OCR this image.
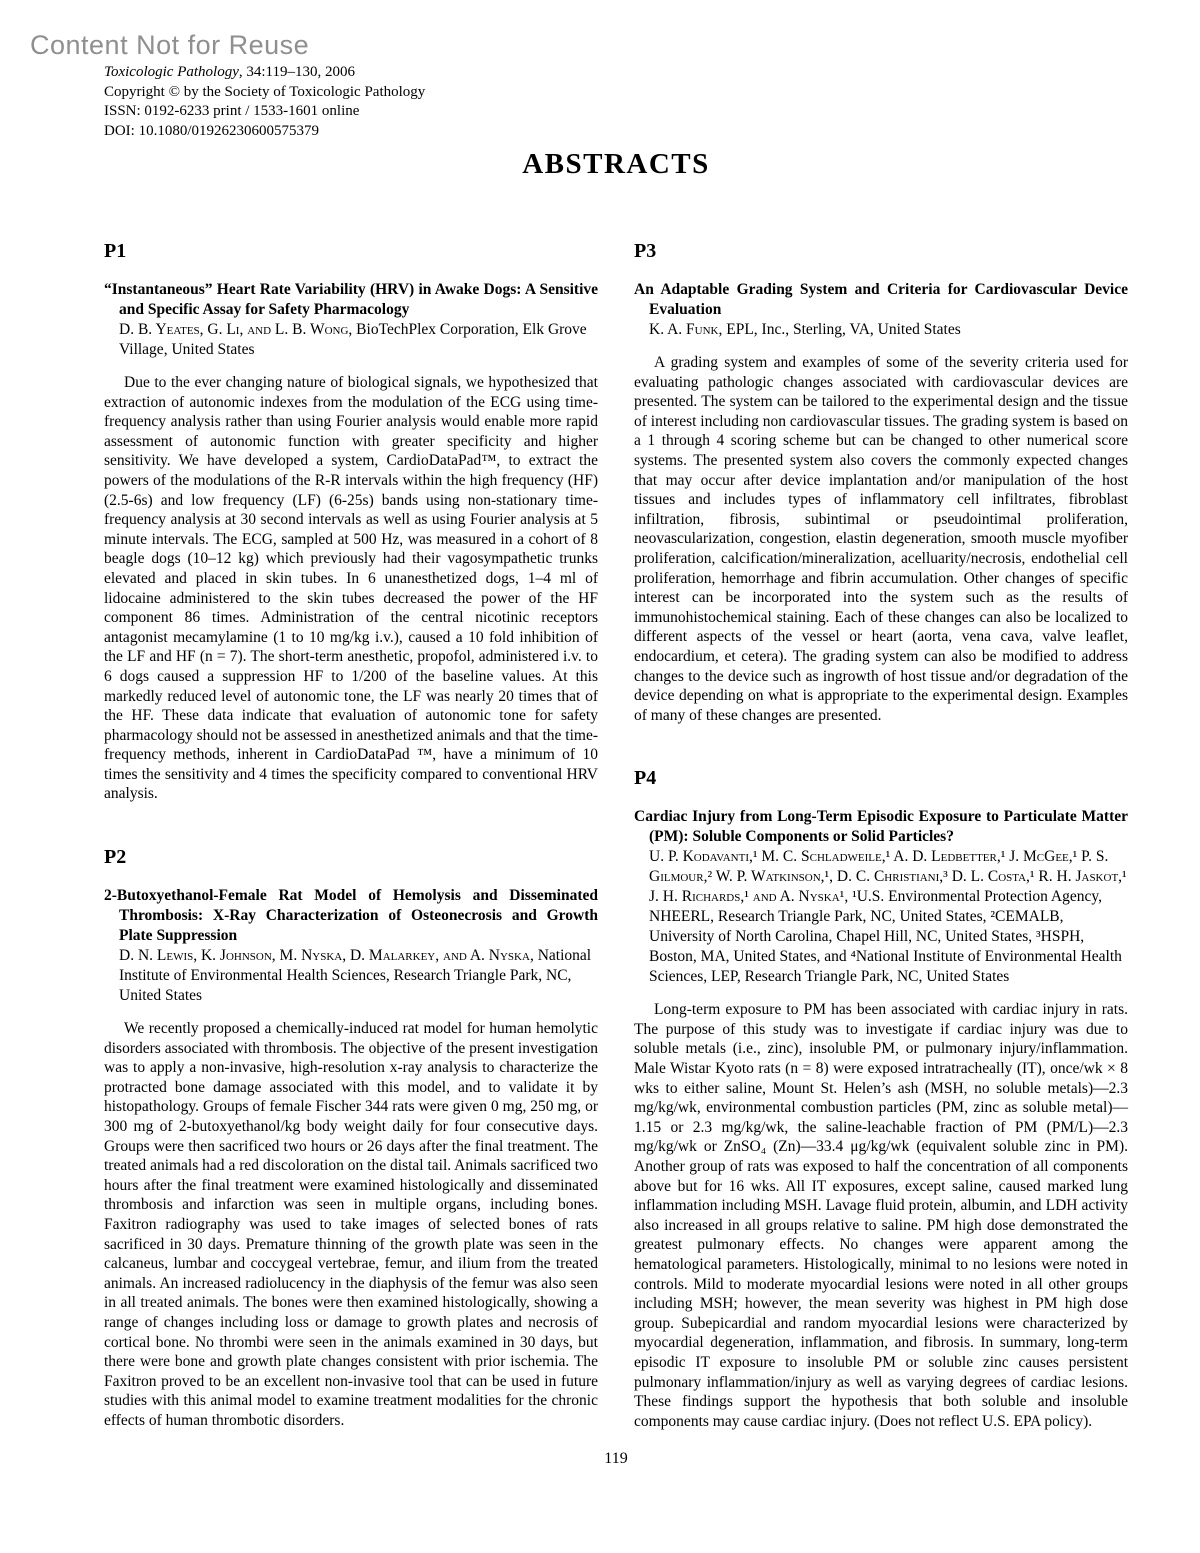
Content Not for Reuse
Toxicologic Pathology, 34:119–130, 2006
Copyright © by the Society of Toxicologic Pathology
ISSN: 0192-6233 print / 1533-1601 online
DOI: 10.1080/01926230600575379
ABSTRACTS
P1

“Instantaneous” Heart Rate Variability (HRV) in Awake Dogs: A Sensitive and Specific Assay for Safety Pharmacology

D. B. Yeates, G. Li, and L. B. Wong, BioTechPlex Corporation, Elk Grove Village, United States

Due to the ever changing nature of biological signals, we hypothesized that extraction of autonomic indexes from the modulation of the ECG using time-frequency analysis rather than using Fourier analysis would enable more rapid assessment of autonomic function with greater specificity and higher sensitivity. We have developed a system, CardioDataPad™, to extract the powers of the modulations of the R-R intervals within the high frequency (HF) (2.5-6s) and low frequency (LF) (6-25s) bands using non-stationary time-frequency analysis at 30 second intervals as well as using Fourier analysis at 5 minute intervals. The ECG, sampled at 500 Hz, was measured in a cohort of 8 beagle dogs (10–12 kg) which previously had their vagosympathetic trunks elevated and placed in skin tubes. In 6 unanesthetized dogs, 1–4 ml of lidocaine administered to the skin tubes decreased the power of the HF component 86 times. Administration of the central nicotinic receptors antagonist mecamylamine (1 to 10 mg/kg i.v.), caused a 10 fold inhibition of the LF and HF (n = 7). The short-term anesthetic, propofol, administered i.v. to 6 dogs caused a suppression HF to 1/200 of the baseline values. At this markedly reduced level of autonomic tone, the LF was nearly 20 times that of the HF. These data indicate that evaluation of autonomic tone for safety pharmacology should not be assessed in anesthetized animals and that the time-frequency methods, inherent in CardioDataPad ™, have a minimum of 10 times the sensitivity and 4 times the specificity compared to conventional HRV analysis.

P2

2-Butoxyethanol-Female Rat Model of Hemolysis and Disseminated Thrombosis: X-Ray Characterization of Osteonecrosis and Growth Plate Suppression

D. N. Lewis, K. Johnson, M. Nyska, D. Malarkey, and A. Nyska, National Institute of Environmental Health Sciences, Research Triangle Park, NC, United States

We recently proposed a chemically-induced rat model for human hemolytic disorders associated with thrombosis. The objective of the present investigation was to apply a non-invasive, high-resolution x-ray analysis to characterize the protracted bone damage associated with this model, and to validate it by histopathology. Groups of female Fischer 344 rats were given 0 mg, 250 mg, or 300 mg of 2-butoxyethanol/kg body weight daily for four consecutive days. Groups were then sacrificed two hours or 26 days after the final treatment. The treated animals had a red discoloration on the distal tail. Animals sacrificed two hours after the final treatment were examined histologically and disseminated thrombosis and infarction was seen in multiple organs, including bones. Faxitron radiography was used to take images of selected bones of rats sacrificed in 30 days. Premature thinning of the growth plate was seen in the calcaneus, lumbar and coccygeal vertebrae, femur, and ilium from the treated animals. An increased radiolucency in the diaphysis of the femur was also seen in all treated animals. The bones were then examined histologically, showing a range of changes including loss or damage to growth plates and necrosis of cortical bone. No thrombi were seen in the animals examined in 30 days, but there were bone and growth plate changes consistent with prior ischemia. The Faxitron proved to be an excellent non-invasive tool that can be used in future studies with this animal model to examine treatment modalities for the chronic effects of human thrombotic disorders.

P3

An Adaptable Grading System and Criteria for Cardiovascular Device Evaluation

K. A. Funk, EPL, Inc., Sterling, VA, United States

A grading system and examples of some of the severity criteria used for evaluating pathologic changes associated with cardiovascular devices are presented. The system can be tailored to the experimental design and the tissue of interest including non cardiovascular tissues. The grading system is based on a 1 through 4 scoring scheme but can be changed to other numerical score systems. The presented system also covers the commonly expected changes that may occur after device implantation and/or manipulation of the host tissues and includes types of inflammatory cell infiltrates, fibroblast infiltration, fibrosis, subintimal or pseudointimal proliferation, neovascularization, congestion, elastin degeneration, smooth muscle myofiber proliferation, calcification/mineralization, acelluarity/necrosis, endothelial cell proliferation, hemorrhage and fibrin accumulation. Other changes of specific interest can be incorporated into the system such as the results of immunohistochemical staining. Each of these changes can also be localized to different aspects of the vessel or heart (aorta, vena cava, valve leaflet, endocardium, et cetera). The grading system can also be modified to address changes to the device such as ingrowth of host tissue and/or degradation of the device depending on what is appropriate to the experimental design. Examples of many of these changes are presented.

P4

Cardiac Injury from Long-Term Episodic Exposure to Particulate Matter (PM): Soluble Components or Solid Particles?

U. P. Kodavanti,¹ M. C. Schladweile,¹ A. D. Ledbetter,¹ J. McGee,¹ P. S. Gilmour,² W. P. Watkinson,¹, D. C. Christiani,³ D. L. Costa,¹ R. H. Jaskot,¹ J. H. Richards,¹ and A. Nyska¹, ¹U.S. Environmental Protection Agency, NHEERL, Research Triangle Park, NC, United States, ²CEMALB, University of North Carolina, Chapel Hill, NC, United States, ³HSPH, Boston, MA, United States, and ⁴National Institute of Environmental Health Sciences, LEP, Research Triangle Park, NC, United States

Long-term exposure to PM has been associated with cardiac injury in rats. The purpose of this study was to investigate if cardiac injury was due to soluble metals (i.e., zinc), insoluble PM, or pulmonary injury/inflammation. Male Wistar Kyoto rats (n = 8) were exposed intratracheally (IT), once/wk × 8 wks to either saline, Mount St. Helen’s ash (MSH, no soluble metals)—2.3 mg/kg/wk, environmental combustion particles (PM, zinc as soluble metal)—1.15 or 2.3 mg/kg/wk, the saline-leachable fraction of PM (PM/L)—2.3 mg/kg/wk or ZnSO₄ (Zn)—33.4 μg/kg/wk (equivalent soluble zinc in PM). Another group of rats was exposed to half the concentration of all components above but for 16 wks. All IT exposures, except saline, caused marked lung inflammation including MSH. Lavage fluid protein, albumin, and LDH activity also increased in all groups relative to saline. PM high dose demonstrated the greatest pulmonary effects. No changes were apparent among the hematological parameters. Histologically, minimal to no lesions were noted in controls. Mild to moderate myocardial lesions were noted in all other groups including MSH; however, the mean severity was highest in PM high dose group. Subepicardial and random myocardial lesions were characterized by myocardial degeneration, inflammation, and fibrosis. In summary, long-term episodic IT exposure to insoluble PM or soluble zinc causes persistent pulmonary inflammation/injury as well as varying degrees of cardiac lesions. These findings support the hypothesis that both soluble and insoluble components may cause cardiac injury. (Does not reflect U.S. EPA policy).

119
